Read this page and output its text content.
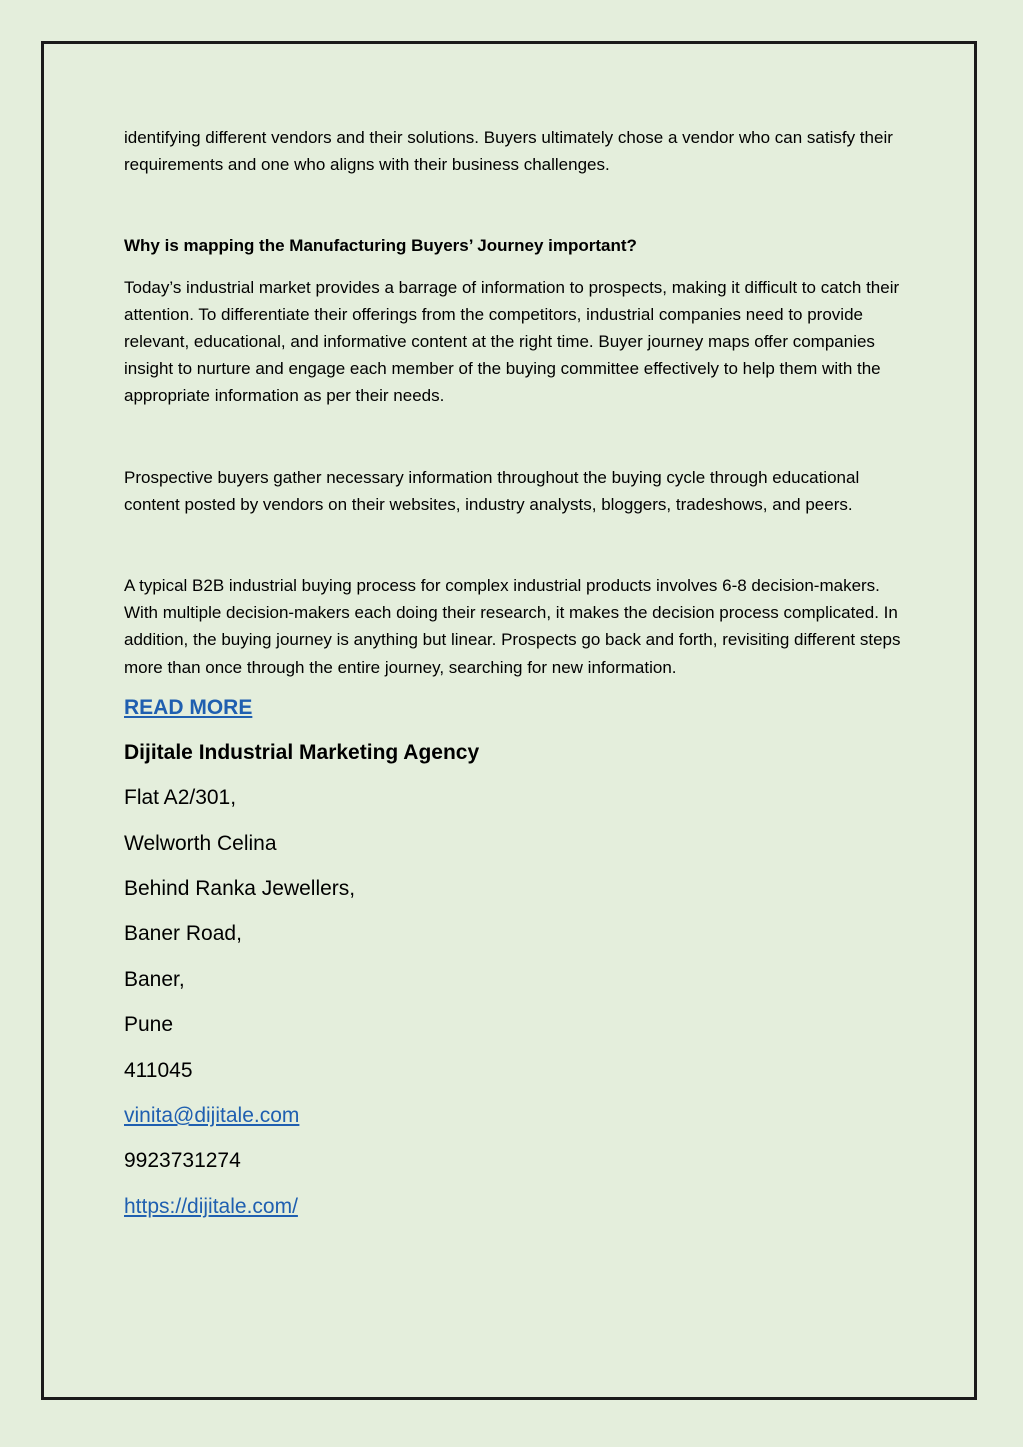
identifying different vendors and their solutions. Buyers ultimately chose a vendor who can satisfy their requirements and one who aligns with their business challenges.

Why is mapping the Manufacturing Buyers’ Journey important?

Today’s industrial market provides a barrage of information to prospects, making it difficult to catch their attention. To differentiate their offerings from the competitors, industrial companies need to provide relevant, educational, and informative content at the right time. Buyer journey maps offer companies insight to nurture and engage each member of the buying committee effectively to help them with the appropriate information as per their needs.

Prospective buyers gather necessary information throughout the buying cycle through educational content posted by vendors on their websites, industry analysts, bloggers, tradeshows, and peers.

A typical B2B industrial buying process for complex industrial products involves 6-8 decision-makers. With multiple decision-makers each doing their research, it makes the decision process complicated. In addition, the buying journey is anything but linear. Prospects go back and forth, revisiting different steps more than once through the entire journey, searching for new information.

READ MORE

Dijitale Industrial Marketing Agency

Flat A2/301,

Welworth Celina

Behind Ranka Jewellers,

Baner Road,

Baner,

Pune

411045

vinita@dijitale.com

9923731274

https://dijitale.com/
